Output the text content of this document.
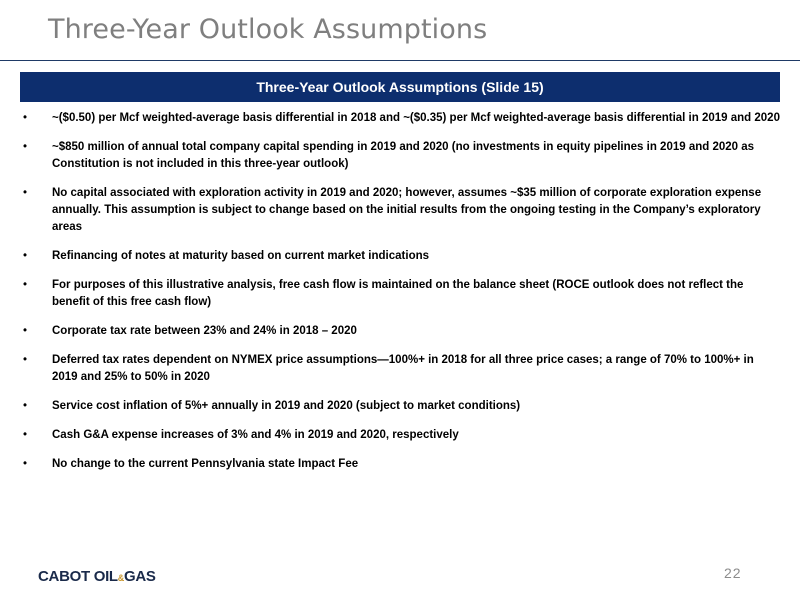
Three-Year Outlook Assumptions
Three-Year Outlook Assumptions (Slide 15)
• ~($0.50) per Mcf weighted-average basis differential in 2018 and ~($0.35) per Mcf weighted-average basis differential in 2019 and 2020
• ~$850 million of annual total company capital spending in 2019 and 2020 (no investments in equity pipelines in 2019 and 2020 as Constitution is not included in this three-year outlook)
• No capital associated with exploration activity in 2019 and 2020; however, assumes ~$35 million of corporate exploration expense annually. This assumption is subject to change based on the initial results from the ongoing testing in the Company’s exploratory areas
• Refinancing of notes at maturity based on current market indications
• For purposes of this illustrative analysis, free cash flow is maintained on the balance sheet (ROCE outlook does not reflect the benefit of this free cash flow)
• Corporate tax rate between 23% and 24% in 2018 – 2020
• Deferred tax rates dependent on NYMEX price assumptions—100%+ in 2018 for all three price cases; a range of 70% to 100%+ in 2019 and 25% to 50% in 2020
• Service cost inflation of 5%+ annually in 2019 and 2020 (subject to market conditions)
• Cash G&A expense increases of 3% and 4% in 2019 and 2020, respectively
• No change to the current Pennsylvania state Impact Fee
CABOT OIL&GAS	22
